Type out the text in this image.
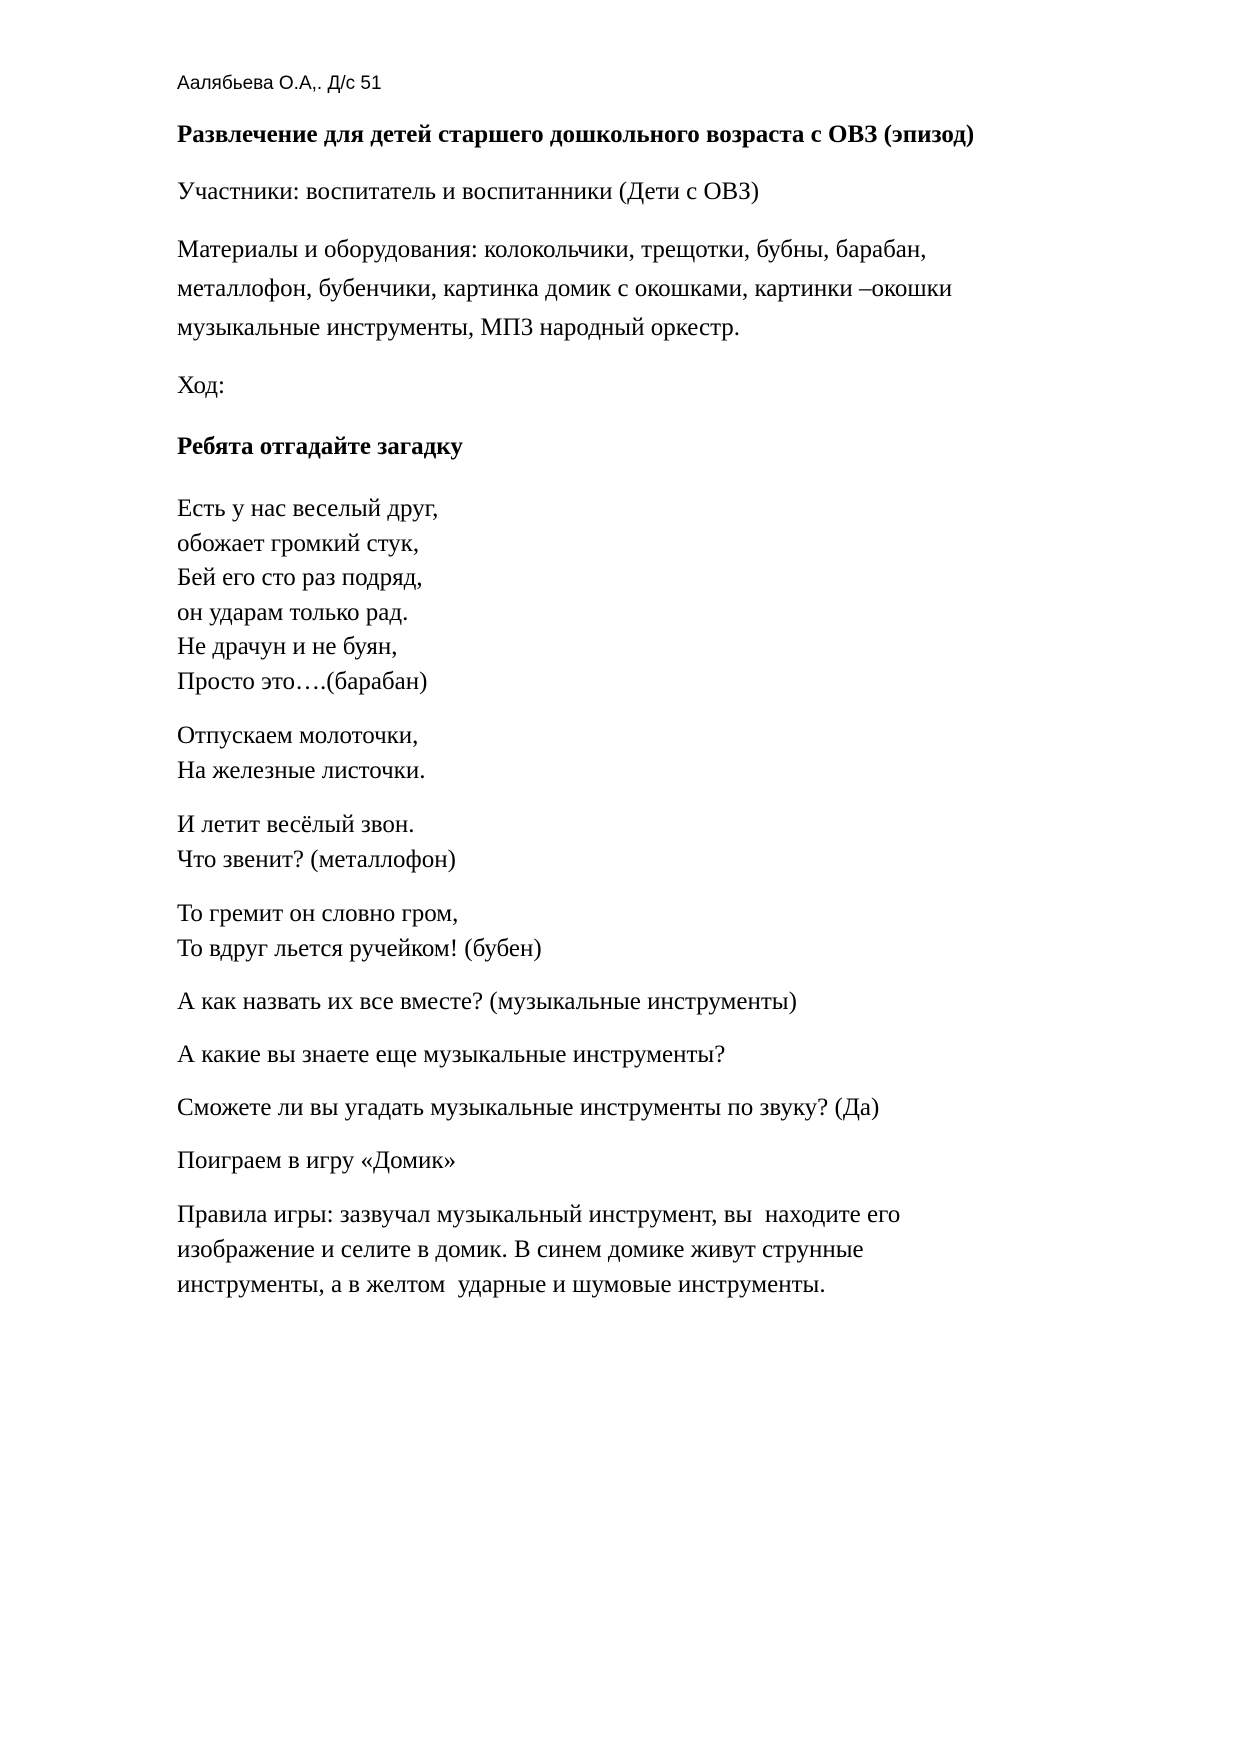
Аалябьева О.А,. Д/с 51
Развлечение для детей старшего дошкольного возраста с ОВЗ (эпизод)
Участники: воспитатель и воспитанники (Дети с ОВЗ)
Материалы и оборудования: колокольчики, трещотки, бубны, барабан,
металлофон, бубенчики, картинка домик с окошками, картинки –окошки
музыкальные инструменты, МП3 народный оркестр.
Ход:
Ребята отгадайте загадку
Есть у нас веселый друг,
обожает громкий стук,
Бей его сто раз подряд,
он ударам только рад.
Не драчун и не буян,
Просто это….(барабан)
Отпускаем молоточки,
На железные листочки.
И летит весёлый звон.
Что звенит? (металлофон)
То гремит он словно гром,
То вдруг льется ручейком! (бубен)
А как назвать их все вместе? (музыкальные инструменты)
А какие вы знаете еще музыкальные инструменты?
Сможете ли вы угадать музыкальные инструменты по звуку? (Да)
Поиграем в игру «Домик»
Правила игры: зазвучал музыкальный инструмент, вы  находите его
изображение и селите в домик. В синем домике живут струнные
инструменты, а в желтом  ударные и шумовые инструменты.
